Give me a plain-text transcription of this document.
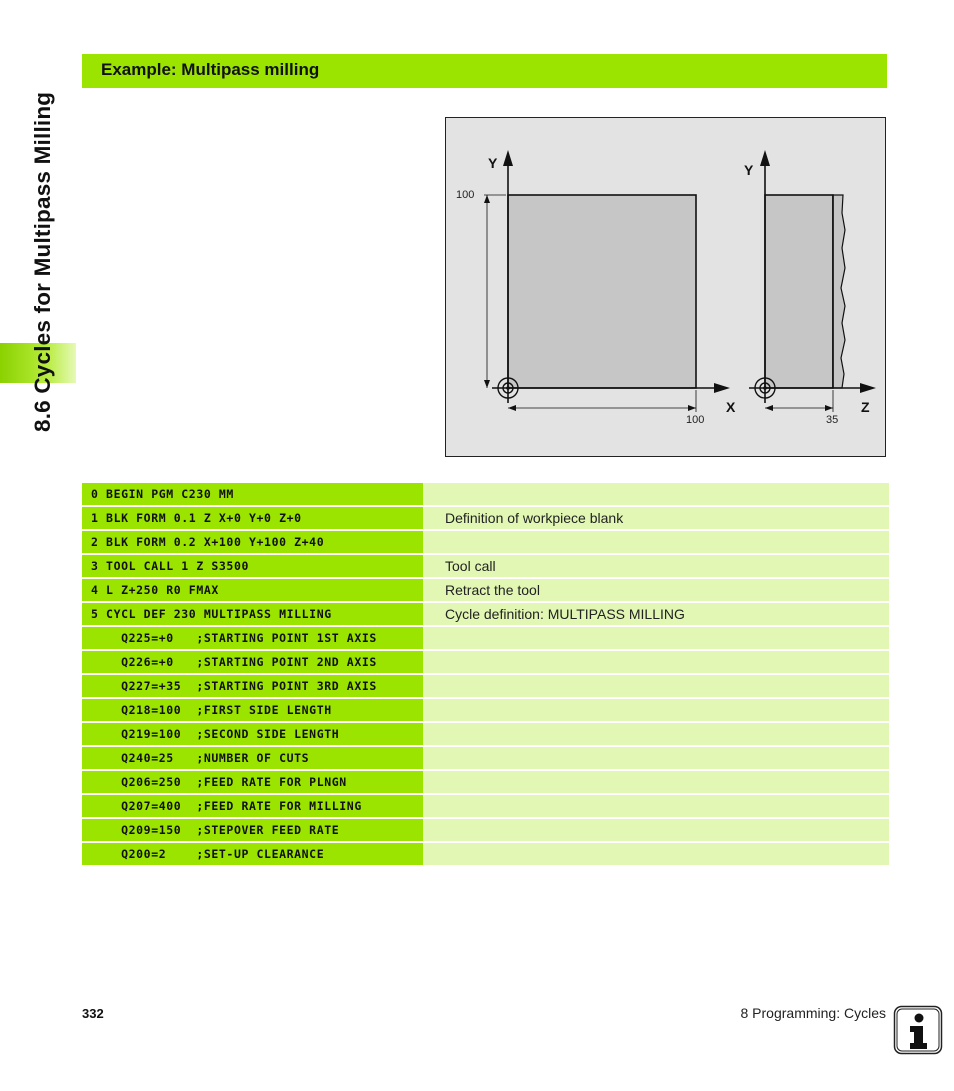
8.6 Cycles for Multipass Milling
Example: Multipass milling
Y	Y
X	Z
100
100	35
0 BEGIN PGM C230 MM
1 BLK FORM 0.1 Z X+0 Y+0 Z+0	Definition of workpiece blank
2 BLK FORM 0.2 X+100 Y+100 Z+40
3 TOOL CALL 1 Z S3500	Tool call
4 L Z+250 R0 FMAX	Retract the tool
5 CYCL DEF 230 MULTIPASS MILLING	Cycle definition: MULTIPASS MILLING
Q225=+0   ;STARTING POINT 1ST AXIS
Q226=+0   ;STARTING POINT 2ND AXIS
Q227=+35  ;STARTING POINT 3RD AXIS
Q218=100  ;FIRST SIDE LENGTH
Q219=100  ;SECOND SIDE LENGTH
Q240=25   ;NUMBER OF CUTS
Q206=250  ;FEED RATE FOR PLNGN
Q207=400  ;FEED RATE FOR MILLING
Q209=150  ;STEPOVER FEED RATE
Q200=2    ;SET-UP CLEARANCE
332	8 Programming: Cycles
